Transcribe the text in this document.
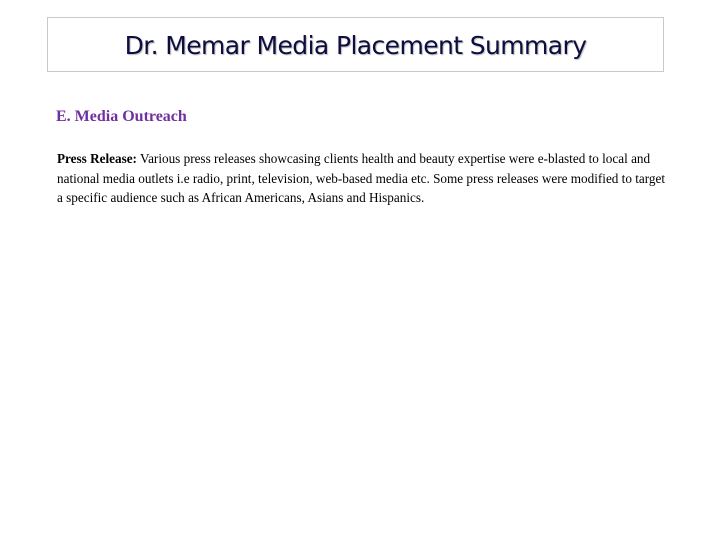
Dr. Memar Media Placement Summary
E. Media Outreach

Press Release: Various press releases showcasing clients health and beauty expertise were e-blasted to local and national media outlets i.e radio, print, television, web-based media etc. Some press releases were modified to target a specific audience such as African Americans, Asians and Hispanics.
